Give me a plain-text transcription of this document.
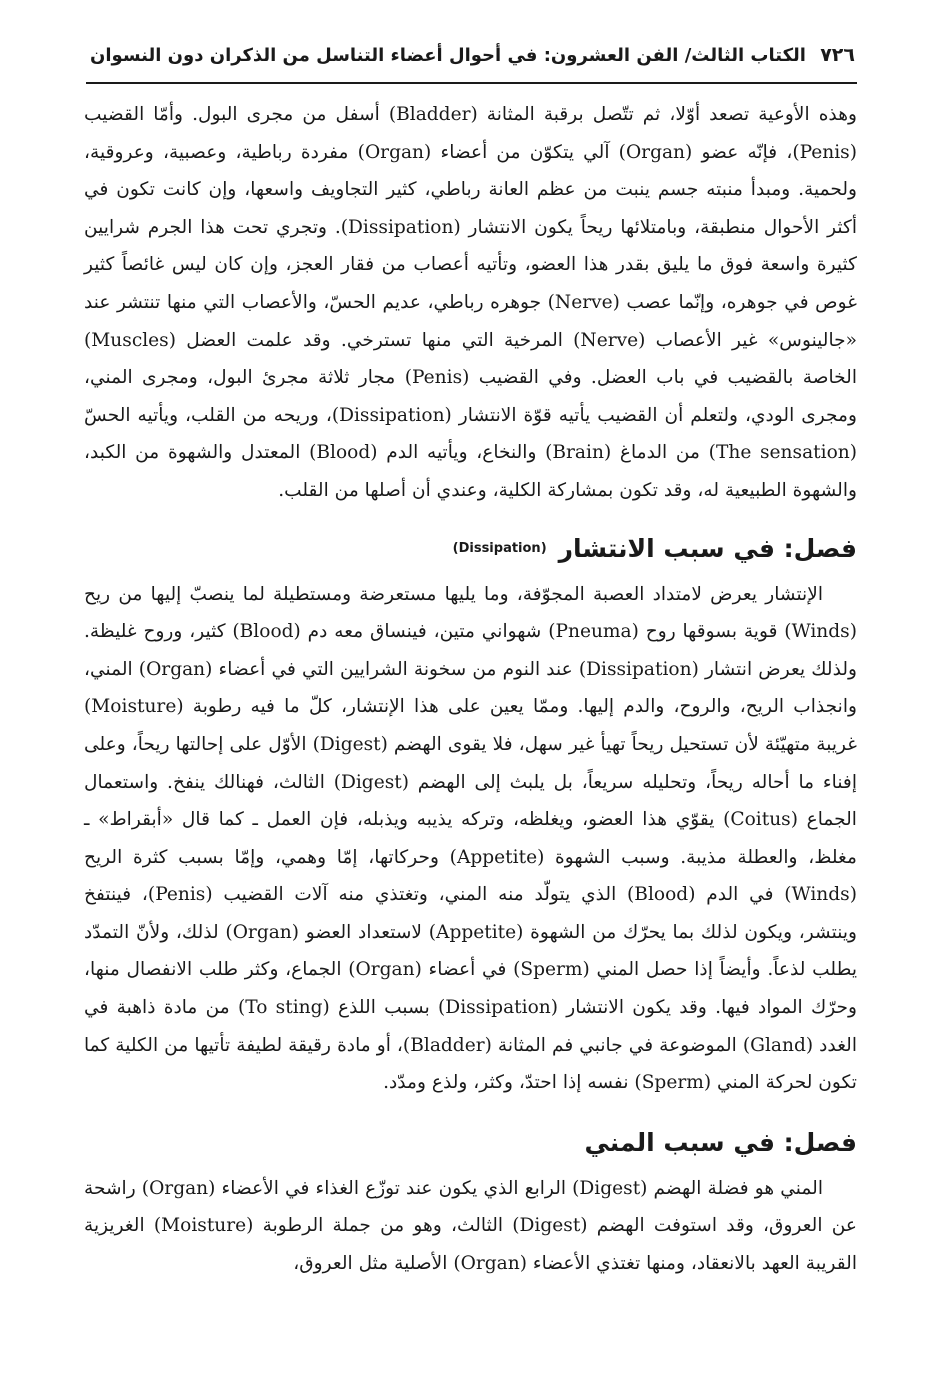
٧٢٦
الكتاب الثالث/ الفن العشرون: في أحوال أعضاء التناسل من الذكران دون النسوان

وهذه الأوعية تصعد أوّلا، ثم تتّصل برقبة المثانة (Bladder) أسفل من مجرى البول. وأمّا القضيب (Penis)، فإنّه عضو (Organ) آلي يتكوّن من أعضاء (Organ) مفردة رباطية، وعصبية، وعروقية، ولحمية. ومبدأ منبته جسم ينبت من عظم العانة رباطي، كثير التجاويف واسعها، وإن كانت تكون في أكثر الأحوال منطبقة، وبامتلائها ريحاً يكون الانتشار (Dissipation). وتجري تحت هذا الجرم شرايين كثيرة واسعة فوق ما يليق بقدر هذا العضو، وتأتيه أعصاب من فقار العجز، وإن كان ليس غائصاً كثير غوص في جوهره، وإنّما عصب (Nerve) جوهره رباطي، عديم الحسّ، والأعصاب التي منها تنتشر عند «جالينوس» غير الأعصاب (Nerve) المرخية التي منها تسترخي. وقد علمت العضل (Muscles) الخاصة بالقضيب في باب العضل. وفي القضيب (Penis) مجار ثلاثة مجرئ البول، ومجرى المني، ومجرى الودي، ولتعلم أن القضيب يأتيه قوّة الانتشار (Dissipation)، وريحه من القلب، ويأتيه الحسّ (The sensation) من الدماغ (Brain) والنخاع، ويأتيه الدم (Blood) المعتدل والشهوة من الكبد، والشهوة الطبيعية له، وقد تكون بمشاركة الكلية، وعندي أن أصلها من القلب.

فصل: في سبب الانتشار
(Dissipation)

الإنتشار يعرض لامتداد العصبة المجوّفة، وما يليها مستعرضة ومستطيلة لما ينصبّ إليها من ريح (Winds) قوية بسوقها روح (Pneuma) شهواني متين، فينساق معه دم (Blood) كثير، وروح غليظة. ولذلك يعرض انتشار (Dissipation) عند النوم من سخونة الشرايين التي في أعضاء (Organ) المني، وانجذاب الريح، والروح، والدم إليها. وممّا يعين على هذا الإنتشار، كلّ ما فيه رطوبة (Moisture) غريبة متهيّئة لأن تستحيل ريحاً تهيأ غير سهل، فلا يقوى الهضم (Digest) الأوّل على إحالتها ريحاً، وعلى إفناء ما أحاله ريحاً، وتحليله سريعاً، بل يلبث إلى الهضم (Digest) الثالث، فهنالك ينفخ. واستعمال الجماع (Coitus) يقوّي هذا العضو، ويغلظه، وتركه يذيبه ويذبله، فإن العمل ـ كما قال «أبقراط» ـ مغلظ، والعطلة مذيبة. وسبب الشهوة (Appetite) وحركاتها، إمّا وهمي، وإمّا بسبب كثرة الريح (Winds) في الدم (Blood) الذي يتولّد منه المني، وتغتذي منه آلات القضيب (Penis)، فينتفخ وينتشر، ويكون لذلك بما يحرّك من الشهوة (Appetite) لاستعداد العضو (Organ) لذلك، ولأنّ التمدّد يطلب لذعاً. وأيضاً إذا حصل المني (Sperm) في أعضاء (Organ) الجماع، وكثر طلب الانفصال منها، وحرّك المواد فيها. وقد يكون الانتشار (Dissipation) بسبب اللذع (To sting) من مادة ذاهبة في الغدد (Gland) الموضوعة في جانبي فم المثانة (Bladder)، أو مادة رقيقة لطيفة تأتيها من الكلية كما تكون لحركة المني (Sperm) نفسه إذا احتدّ، وكثر، ولذع ومدّد.

فصل: في سبب المني

المني هو فضلة الهضم (Digest) الرابع الذي يكون عند توزّع الغذاء في الأعضاء (Organ) راشحة عن العروق، وقد استوفت الهضم (Digest) الثالث، وهو من جملة الرطوبة (Moisture) الغريزية القريبة العهد بالانعقاد، ومنها تغتذي الأعضاء (Organ) الأصلية مثل العروق،
